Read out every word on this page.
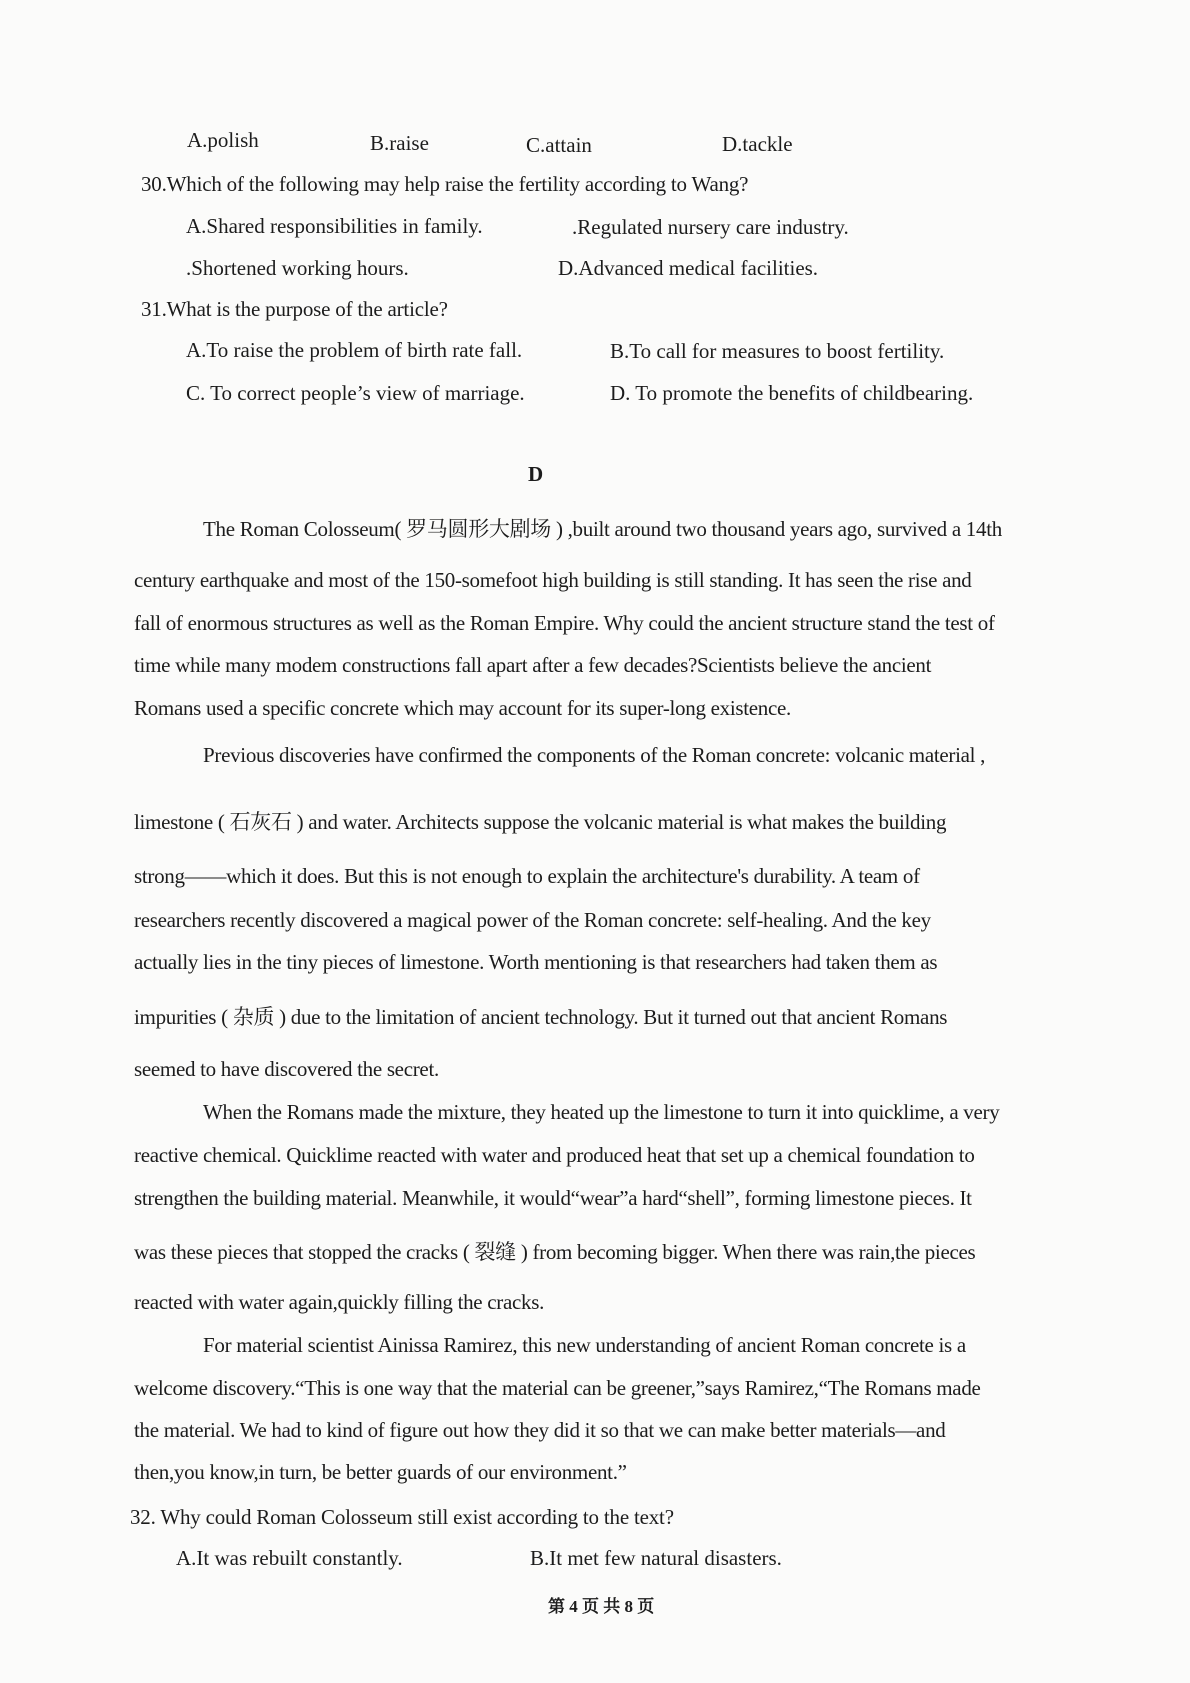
A.polish	B.raise	C.attain	D.tackle
30.Which of the following may help raise the fertility according to Wang?
A.Shared responsibilities in family.	.Regulated nursery care industry.
.Shortened working hours.	D.Advanced medical facilities.
31.What is the purpose of the article?
A.To raise the problem of birth rate fall.	B.To call for measures to boost fertility.
C. To correct people’s view of marriage.	D. To promote the benefits of childbearing.
D
The Roman Colosseum( 罗马圆形大剧场 ) ,built around two thousand years ago, survived a 14th
century earthquake and most of the 150-somefoot high building is still standing. It has seen the rise and
fall of enormous structures as well as the Roman Empire. Why could the ancient structure stand the test of
time while many modem constructions fall apart after a few decades?Scientists believe the ancient
Romans used a specific concrete which may account for its super-long existence.
Previous discoveries have confirmed the components of the Roman concrete: volcanic material ,
limestone ( 石灰石 ) and water. Architects suppose the volcanic material is what makes the building
strong——which it does. But this is not enough to explain the architecture's durability. A team of
researchers recently discovered a magical power of the Roman concrete: self-healing. And the key
actually lies in the tiny pieces of limestone. Worth mentioning is that researchers had taken them as
impurities ( 杂质 ) due to the limitation of ancient technology. But it turned out that ancient Romans
seemed to have discovered the secret.
When the Romans made the mixture, they heated up the limestone to turn it into quicklime, a very
reactive chemical. Quicklime reacted with water and produced heat that set up a chemical foundation to
strengthen the building material. Meanwhile, it would“wear”a hard“shell”, forming limestone pieces. It
was these pieces that stopped the cracks ( 裂缝 ) from becoming bigger. When there was rain,the pieces
reacted with water again,quickly filling the cracks.
For material scientist Ainissa Ramirez, this new understanding of ancient Roman concrete is a
welcome discovery.“This is one way that the material can be greener,”says Ramirez,“The Romans made
the material. We had to kind of figure out how they did it so that we can make better materials—and
then,you know,in turn, be better guards of our environment.”
32. Why could Roman Colosseum still exist according to the text?
A.It was rebuilt constantly.	B.It met few natural disasters.
第 4 页 共 8 页
